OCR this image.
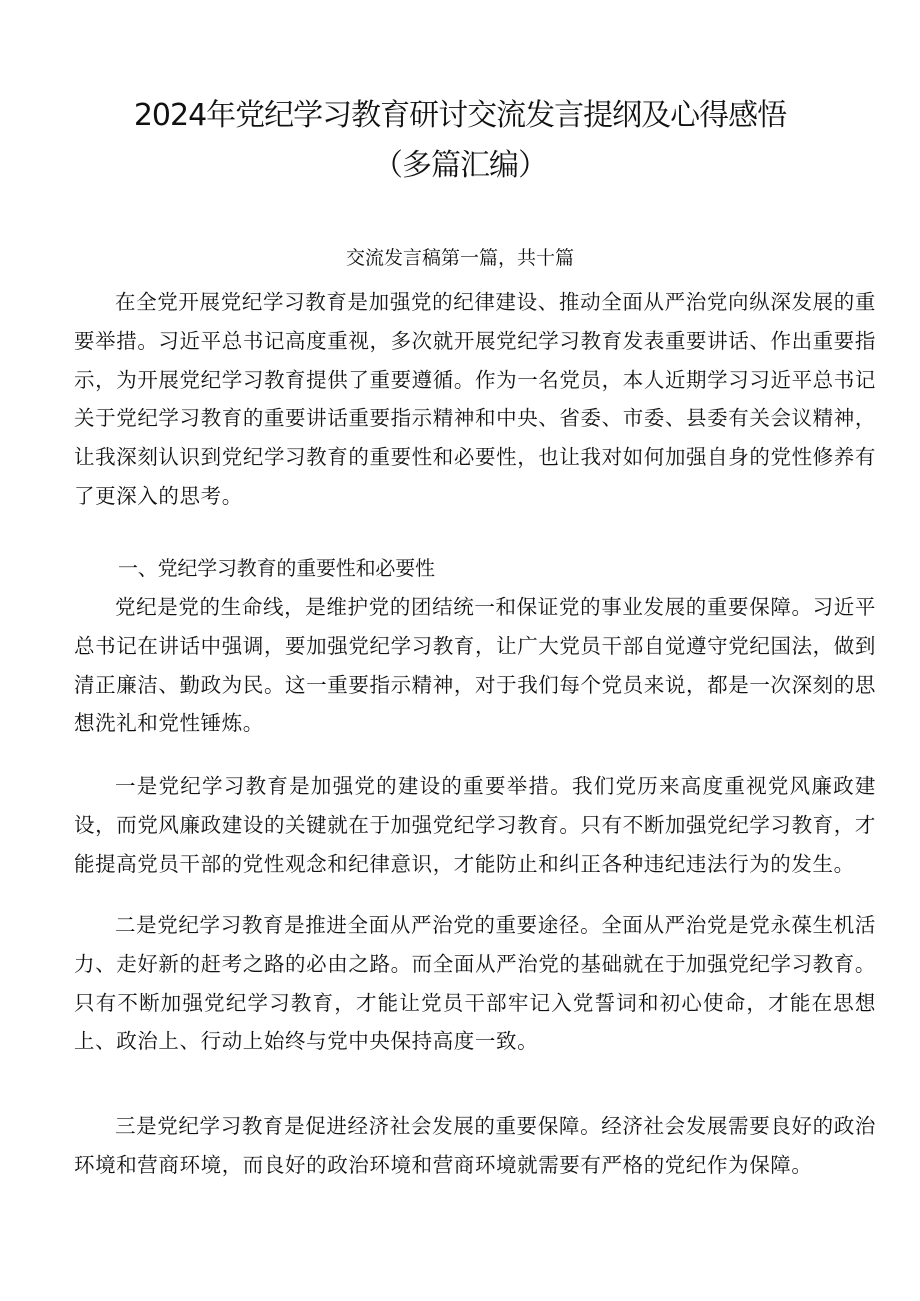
2024年党纪学习教育研讨交流发言提纲及心得感悟
（多篇汇编）

交流发言稿第一篇，共十篇

在全党开展党纪学习教育是加强党的纪律建设、推动全面从严治党向纵深发展的重要举措。习近平总书记高度重视，多次就开展党纪学习教育发表重要讲话、作出重要指示，为开展党纪学习教育提供了重要遵循。作为一名党员，本人近期学习习近平总书记关于党纪学习教育的重要讲话重要指示精神和中央、省委、市委、县委有关会议精神，让我深刻认识到党纪学习教育的重要性和必要性，也让我对如何加强自身的党性修养有了更深入的思考。

一、党纪学习教育的重要性和必要性

党纪是党的生命线，是维护党的团结统一和保证党的事业发展的重要保障。习近平总书记在讲话中强调，要加强党纪学习教育，让广大党员干部自觉遵守党纪国法，做到清正廉洁、勤政为民。这一重要指示精神，对于我们每个党员来说，都是一次深刻的思想洗礼和党性锤炼。

一是党纪学习教育是加强党的建设的重要举措。我们党历来高度重视党风廉政建设，而党风廉政建设的关键就在于加强党纪学习教育。只有不断加强党纪学习教育，才能提高党员干部的党性观念和纪律意识，才能防止和纠正各种违纪违法行为的发生。

二是党纪学习教育是推进全面从严治党的重要途径。全面从严治党是党永葆生机活力、走好新的赶考之路的必由之路。而全面从严治党的基础就在于加强党纪学习教育。只有不断加强党纪学习教育，才能让党员干部牢记入党誓词和初心使命，才能在思想上、政治上、行动上始终与党中央保持高度一致。

三是党纪学习教育是促进经济社会发展的重要保障。经济社会发展需要良好的政治环境和营商环境，而良好的政治环境和营商环境就需要有严格的党纪作为保障。
